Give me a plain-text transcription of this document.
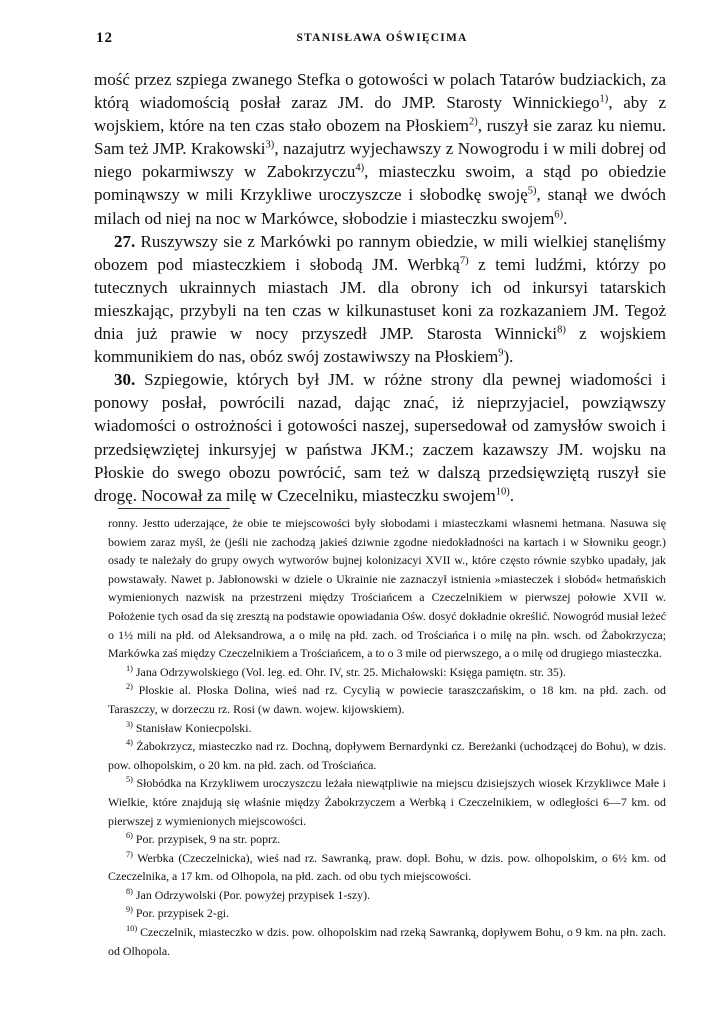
12	STANISŁAWA OŚWIĘCIMA

mość przez szpiega zwanego Stefka o gotowości w polach Tatarów budziackich, za którą wiadomością posłał zaraz JM. do JMP. Starosty Winnickiego$^{1)}$, aby z wojskiem, które na ten czas stało obozem na Płoskiem$^{2)}$, ruszył sie zaraz ku niemu. Sam też JMP. Krakowski$^{3)}$, nazajutrz wyjechawszy z Nowogrodu i w mili dobrej od niego pokarmiwszy w Zabokrzyczu$^{4)}$, miasteczku swoim, a stąd po obiedzie pominąwszy w mili Krzykliwe uroczyszcze i słobodkę swoję$^{5)}$, stanął we dwóch milach od niej na noc w Markówce, słobodzie i miasteczku swojem$^{6)}$.

27. Ruszywszy sie z Markówki po rannym obiedzie, w mili wielkiej stanęliśmy obozem pod miasteczkiem i słobodą JM. Werbką$^{7)}$ z temi ludźmi, którzy po tutecznych ukrainnych miastach JM. dla obrony ich od inkursyi tatarskich mieszkając, przybyli na ten czas w kilkunastuset koni za rozkazaniem JM. Tegoż dnia już prawie w nocy przyszedł JMP. Starosta Winnicki$^{8)}$ z wojskiem kommunikiem do nas, obóz swój zostawiwszy na Płoskiem$^9$).

30. Szpiegowie, których był JM. w różne strony dla pewnej wiadomości i ponowy posłał, powrócili nazad, dając znać, iż nieprzyjaciel, powziąwszy wiadomości o ostrożności i gotowości naszej, supersedował od zamysłów swoich i przedsięwziętej inkursyjej w państwa JKM.; zaczem kazawszy JM. wojsku na Płoskie do swego obozu powrócić, sam też w dalszą przedsięwziętą ruszył sie drogę. Nocował za milę w Czecelniku, miasteczku swojem$^{10)}$.

ronny. Jestto uderzające, że obie te miejscowości były słobodami i miasteczkami własnemi hetmana. Nasuwa się bowiem zaraz myśl, że (jeśli nie zachodzą jakieś dziwnie zgodne niedokładności na kartach i w Słowniku geogr.) osady te należały do grupy owych wytworów bujnej kolonizacyi XVII w., które często równie szybko upadały, jak powstawały. Nawet p. Jabłonowski w dziele o Ukrainie nie zaznaczył istnienia »miasteczek i słobód« hetmańskich wymienionych nazwisk na przestrzeni między Trościańcem a Czeczelnikiem w pierwszej połowie XVII w. Położenie tych osad da się zresztą na podstawie opowiadania Ośw. dosyć dokładnie określić. Nowogród musiał leżeć o 1½ mili na płd. od Aleksandrowa, a o milę na płd. zach. od Trościańca i o milę na płn. wsch. od Żabokrzycza; Markówka zaś między Czeczelnikiem a Trościańcem, a to o 3 mile od pierwszego, a o milę od drugiego miasteczka.

$^{1)}$ Jana Odrzywolskiego (Vol. leg. ed. Ohr. IV, str. 25. Michałowski: Księga pamiętn. str. 35).

$^{2)}$ Płoskie al. Płoska Dolina, wieś nad rz. Cycylią w powiecie taraszczańskim, o 18 km. na płd. zach. od Taraszczy, w dorzeczu rz. Rosi (w dawn. wojew. kijowskiem).

$^{3)}$ Stanisław Koniecpolski.

$^{4)}$ Żabokrzycz, miasteczko nad rz. Dochną, dopływem Bernardynki cz. Bereżanki (uchodzącej do Bohu), w dzis. pow. olhopolskim, o 20 km. na płd. zach. od Trościańca.

$^{5)}$ Słobódka na Krzykliwem uroczyszczu leżała niewątpliwie na miejscu dzisiejszych wiosek Krzykliwce Małe i Wielkie, które znajdują się właśnie między Żabokrzyczem a Werbką i Czeczelnikiem, w odległości 6—7 km. od pierwszej z wymienionych miejscowości.

$^{6)}$ Por. przypisek, 9 na str. poprz.

$^{7)}$ Werbka (Czeczelnicka), wieś nad rz. Sawranką, praw. dopł. Bohu, w dzis. pow. olhopolskim, o 6½ km. od Czeczelnika, a 17 km. od Olhopola, na płd. zach. od obu tych miejscowości.

$^{8)}$ Jan Odrzywolski (Por. powyżej przypisek 1-szy).

$^{9)}$ Por. przypisek 2-gi.

$^{10)}$ Czeczelnik, miasteczko w dzis. pow. olhopolskim nad rzeką Sawranką, dopływem Bohu, o 9 km. na płn. zach. od Olhopola.
